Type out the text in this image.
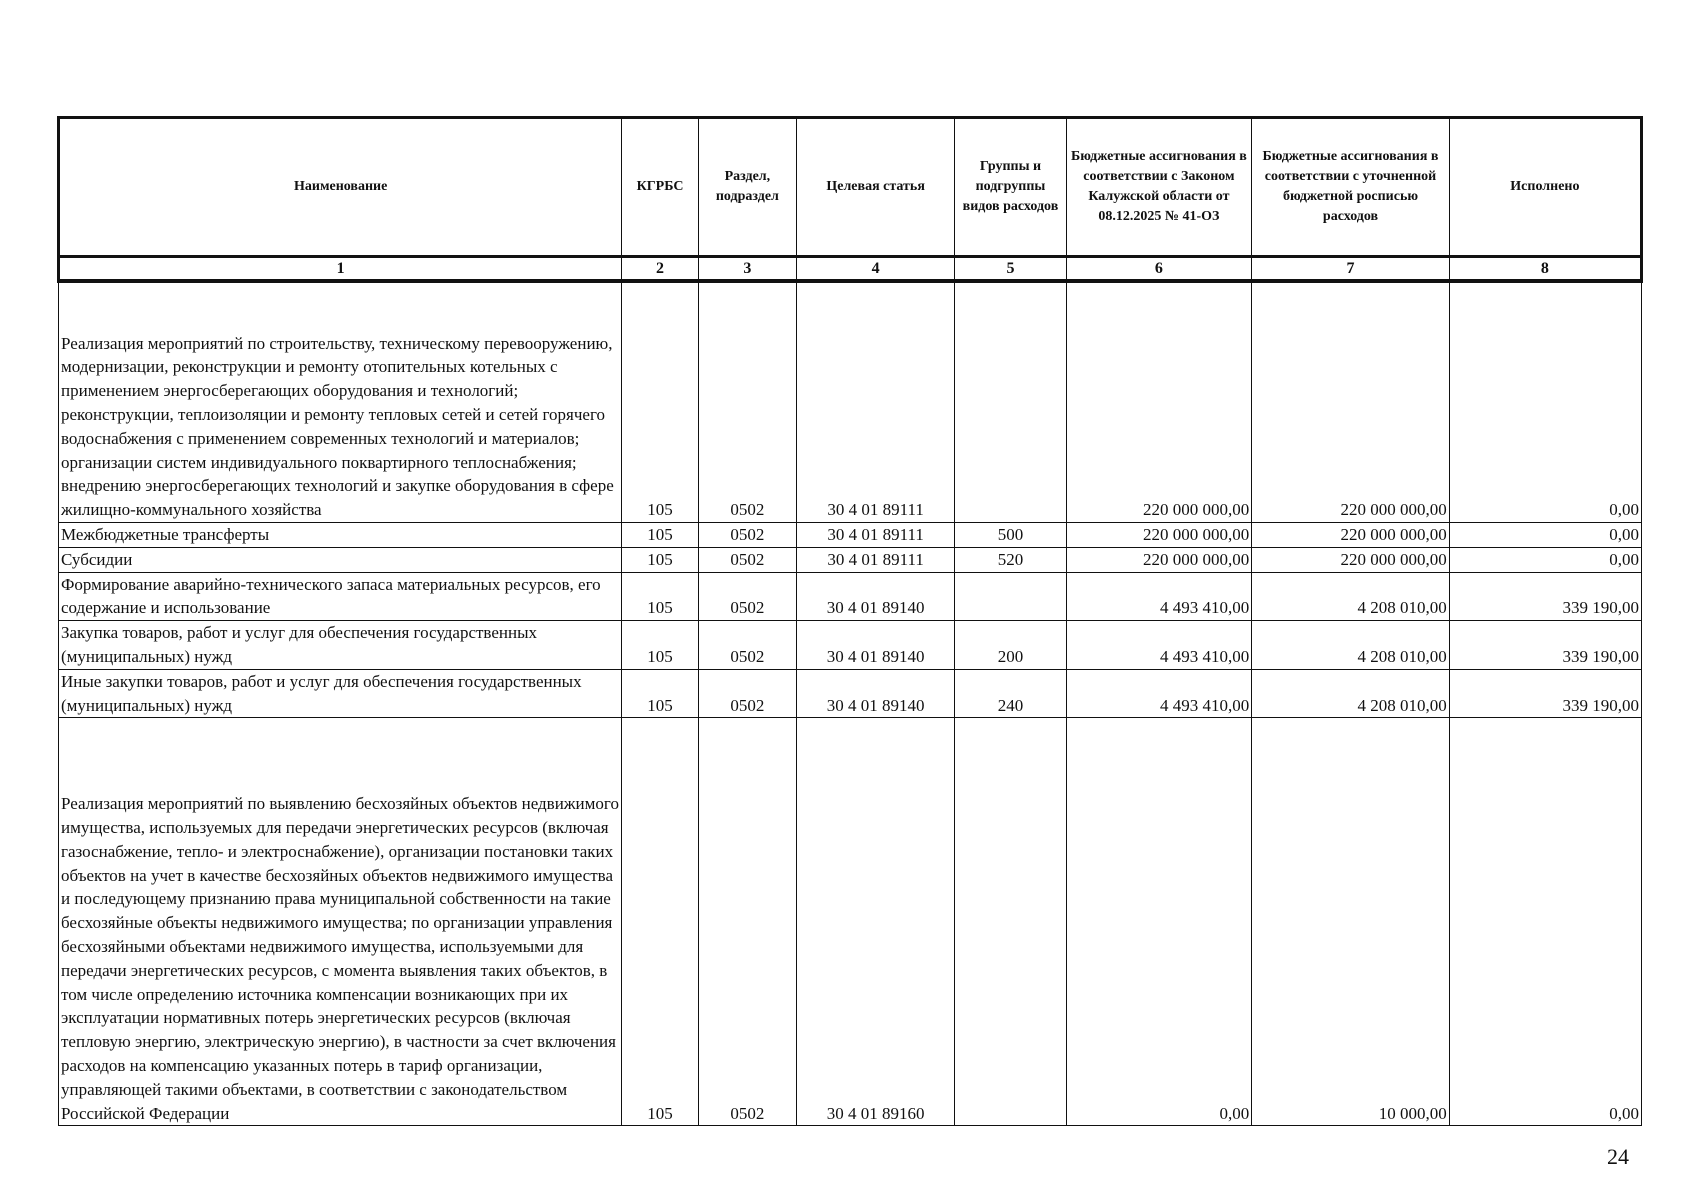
Наименование	КГРБС	Раздел, подраздел	Целевая статья	Группы и подгруппы видов расходов	Бюджетные ассигнования в соответствии с Законом Калужской области от 08.12.2025 № 41-ОЗ	Бюджетные ассигнования в соответствии с уточненной бюджетной росписью расходов	Исполнено
1	2	3	4	5	6	7	8
Реализация мероприятий по строительству, техническому перевооружению, модернизации, реконструкции и ремонту отопительных котельных с применением энергосберегающих оборудования и технологий; реконструкции, теплоизоляции и ремонту тепловых сетей и сетей горячего водоснабжения с применением современных технологий и материалов; организации систем индивидуального поквартирного теплоснабжения; внедрению энергосберегающих технологий и закупке оборудования в сфере жилищно-коммунального хозяйства	105	0502	30 4 01 89111		220 000 000,00	220 000 000,00	0,00
Межбюджетные трансферты	105	0502	30 4 01 89111	500	220 000 000,00	220 000 000,00	0,00
Субсидии	105	0502	30 4 01 89111	520	220 000 000,00	220 000 000,00	0,00
Формирование аварийно-технического запаса материальных ресурсов, его содержание и использование	105	0502	30 4 01 89140		4 493 410,00	4 208 010,00	339 190,00
Закупка товаров, работ и услуг для обеспечения государственных (муниципальных) нужд	105	0502	30 4 01 89140	200	4 493 410,00	4 208 010,00	339 190,00
Иные закупки товаров, работ и услуг для обеспечения государственных (муниципальных) нужд	105	0502	30 4 01 89140	240	4 493 410,00	4 208 010,00	339 190,00
Реализация мероприятий по выявлению бесхозяйных объектов недвижимого имущества, используемых для передачи энергетических ресурсов (включая газоснабжение, тепло- и электроснабжение), организации постановки таких объектов на учет в качестве бесхозяйных объектов недвижимого имущества и последующему признанию права муниципальной собственности на такие бесхозяйные объекты недвижимого имущества; по организации управления бесхозяйными объектами недвижимого имущества, используемыми для передачи энергетических ресурсов, с момента выявления таких объектов, в том числе определению источника компенсации возникающих при их эксплуатации нормативных потерь энергетических ресурсов (включая тепловую энергию, электрическую энергию), в частности за счет включения расходов на компенсацию указанных потерь в тариф организации, управляющей такими объектами, в соответствии с законодательством Российской Федерации	105	0502	30 4 01 89160		0,00	10 000,00	0,00
24
